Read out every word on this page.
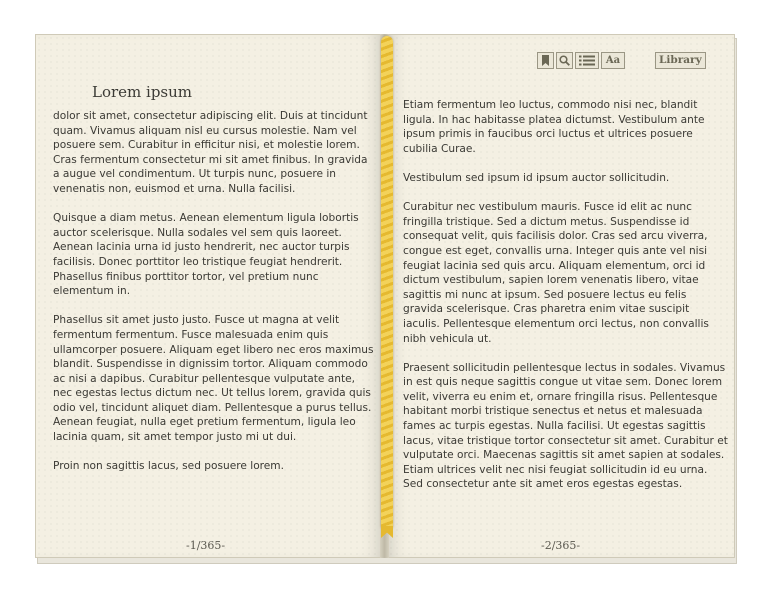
Lorem ipsum

dolor sit amet, consectetur adipiscing elit. Duis at tincidunt quam. Vivamus aliquam nisl eu cursus molestie. Nam vel posuere sem. Curabitur in efficitur nisi, et molestie lorem. Cras fermentum consectetur mi sit amet finibus. In gravida a augue vel condimentum. Ut turpis nunc, posuere in venenatis non, euismod et urna. Nulla facilisi.

Quisque a diam metus. Aenean elementum ligula lobortis auctor scelerisque. Nulla sodales vel sem quis laoreet. Aenean lacinia urna id justo hendrerit, nec auctor turpis facilisis. Donec porttitor leo tristique feugiat hendrerit. Phasellus finibus porttitor tortor, vel pretium nunc elementum in.

Phasellus sit amet justo justo. Fusce ut magna at velit fermentum fermentum. Fusce malesuada enim quis ullamcorper posuere. Aliquam eget libero nec eros maximus blandit. Suspendisse in dignissim tortor. Aliquam commodo ac nisi a dapibus. Curabitur pellentesque vulputate ante, nec egestas lectus dictum nec. Ut tellus lorem, gravida quis odio vel, tincidunt aliquet diam. Pellentesque a purus tellus. Aenean feugiat, nulla eget pretium fermentum, ligula leo lacinia quam, sit amet tempor justo mi ut dui.

Proin non sagittis lacus, sed posuere lorem.

-1/365-
Aa	Library

Etiam fermentum leo luctus, commodo nisi nec, blandit ligula. In hac habitasse platea dictumst. Vestibulum ante ipsum primis in faucibus orci luctus et ultrices posuere cubilia Curae.

Vestibulum sed ipsum id ipsum auctor sollicitudin.

Curabitur nec vestibulum mauris. Fusce id elit ac nunc fringilla tristique. Sed a dictum metus. Suspendisse id consequat velit, quis facilisis dolor. Cras sed arcu viverra, congue est eget, convallis urna. Integer quis ante vel nisi feugiat lacinia sed quis arcu. Aliquam elementum, orci id dictum vestibulum, sapien lorem venenatis libero, vitae sagittis mi nunc at ipsum. Sed posuere lectus eu felis gravida scelerisque. Cras pharetra enim vitae suscipit iaculis. Pellentesque elementum orci lectus, non convallis nibh vehicula ut.

Praesent sollicitudin pellentesque lectus in sodales. Vivamus in est quis neque sagittis congue ut vitae sem. Donec lorem velit, viverra eu enim et, ornare fringilla risus. Pellentesque habitant morbi tristique senectus et netus et malesuada fames ac turpis egestas. Nulla facilisi. Ut egestas sagittis lacus, vitae tristique tortor consectetur sit amet. Curabitur et vulputate orci. Maecenas sagittis sit amet sapien at sodales. Etiam ultrices velit nec nisi feugiat sollicitudin id eu urna. Sed consectetur ante sit amet eros egestas egestas.

-2/365-
